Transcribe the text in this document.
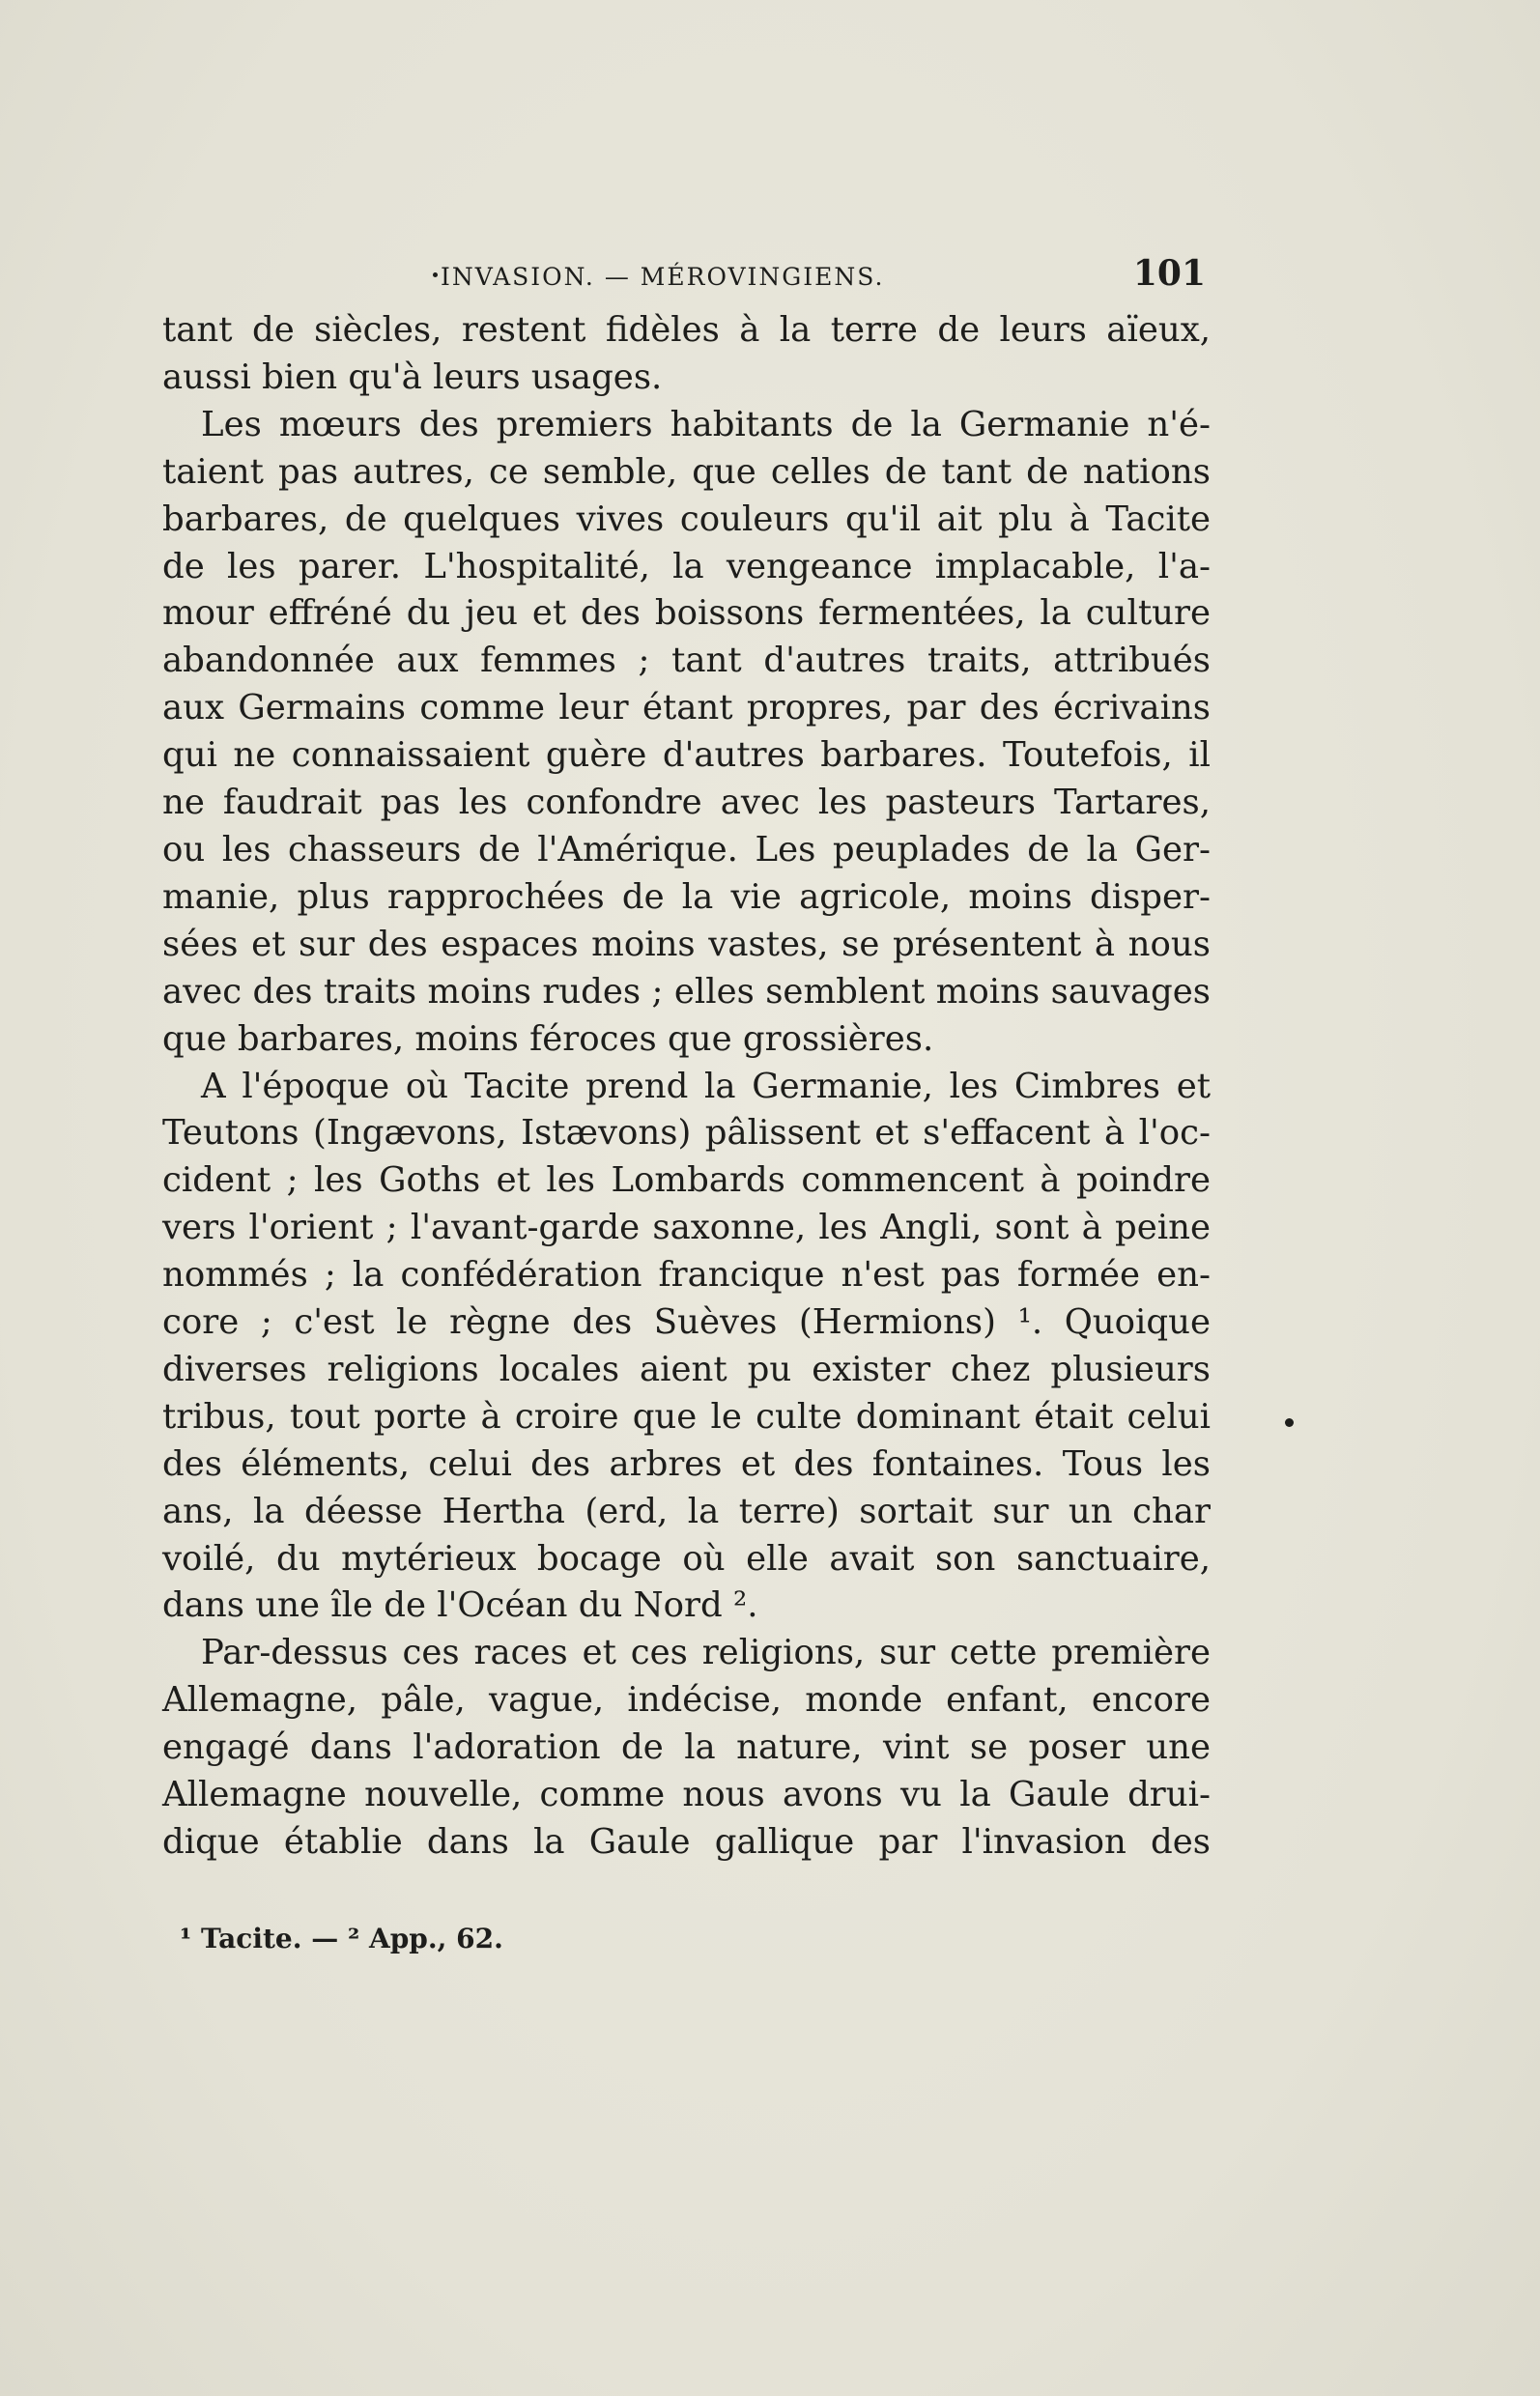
INVASION. — MÉROVINGIENS.	101

tant de siècles, restent fidèles à la terre de leurs aïeux,
aussi bien qu'à leurs usages.

Les mœurs des premiers habitants de la Germanie n'é-
taient pas autres, ce semble, que celles de tant de nations
barbares, de quelques vives couleurs qu'il ait plu à Tacite
de les parer. L'hospitalité, la vengeance implacable, l'a-
mour effréné du jeu et des boissons fermentées, la culture
abandonnée aux femmes ; tant d'autres traits, attribués
aux Germains comme leur étant propres, par des écrivains
qui ne connaissaient guère d'autres barbares. Toutefois, il
ne faudrait pas les confondre avec les pasteurs Tartares,
ou les chasseurs de l'Amérique. Les peuplades de la Ger-
manie, plus rapprochées de la vie agricole, moins disper-
sées et sur des espaces moins vastes, se présentent à nous
avec des traits moins rudes ; elles semblent moins sauvages
que barbares, moins féroces que grossières.

A l'époque où Tacite prend la Germanie, les Cimbres et
Teutons (Ingævons, Istævons) pâlissent et s'effacent à l'oc-
cident ; les Goths et les Lombards commencent à poindre
vers l'orient ; l'avant-garde saxonne, les Angli, sont à peine
nommés ; la confédération francique n'est pas formée en-
core ; c'est le règne des Suèves (Hermions) ¹. Quoique
diverses religions locales aient pu exister chez plusieurs
tribus, tout porte à croire que le culte dominant était celui
des éléments, celui des arbres et des fontaines. Tous les
ans, la déesse Hertha (erd, la terre) sortait sur un char
voilé, du mytérieux bocage où elle avait son sanctuaire,
dans une île de l'Océan du Nord ².

Par-dessus ces races et ces religions, sur cette première
Allemagne, pâle, vague, indécise, monde enfant, encore
engagé dans l'adoration de la nature, vint se poser une
Allemagne nouvelle, comme nous avons vu la Gaule drui-
dique établie dans la Gaule gallique par l'invasion des

¹ Tacite. — ² App., 62.
